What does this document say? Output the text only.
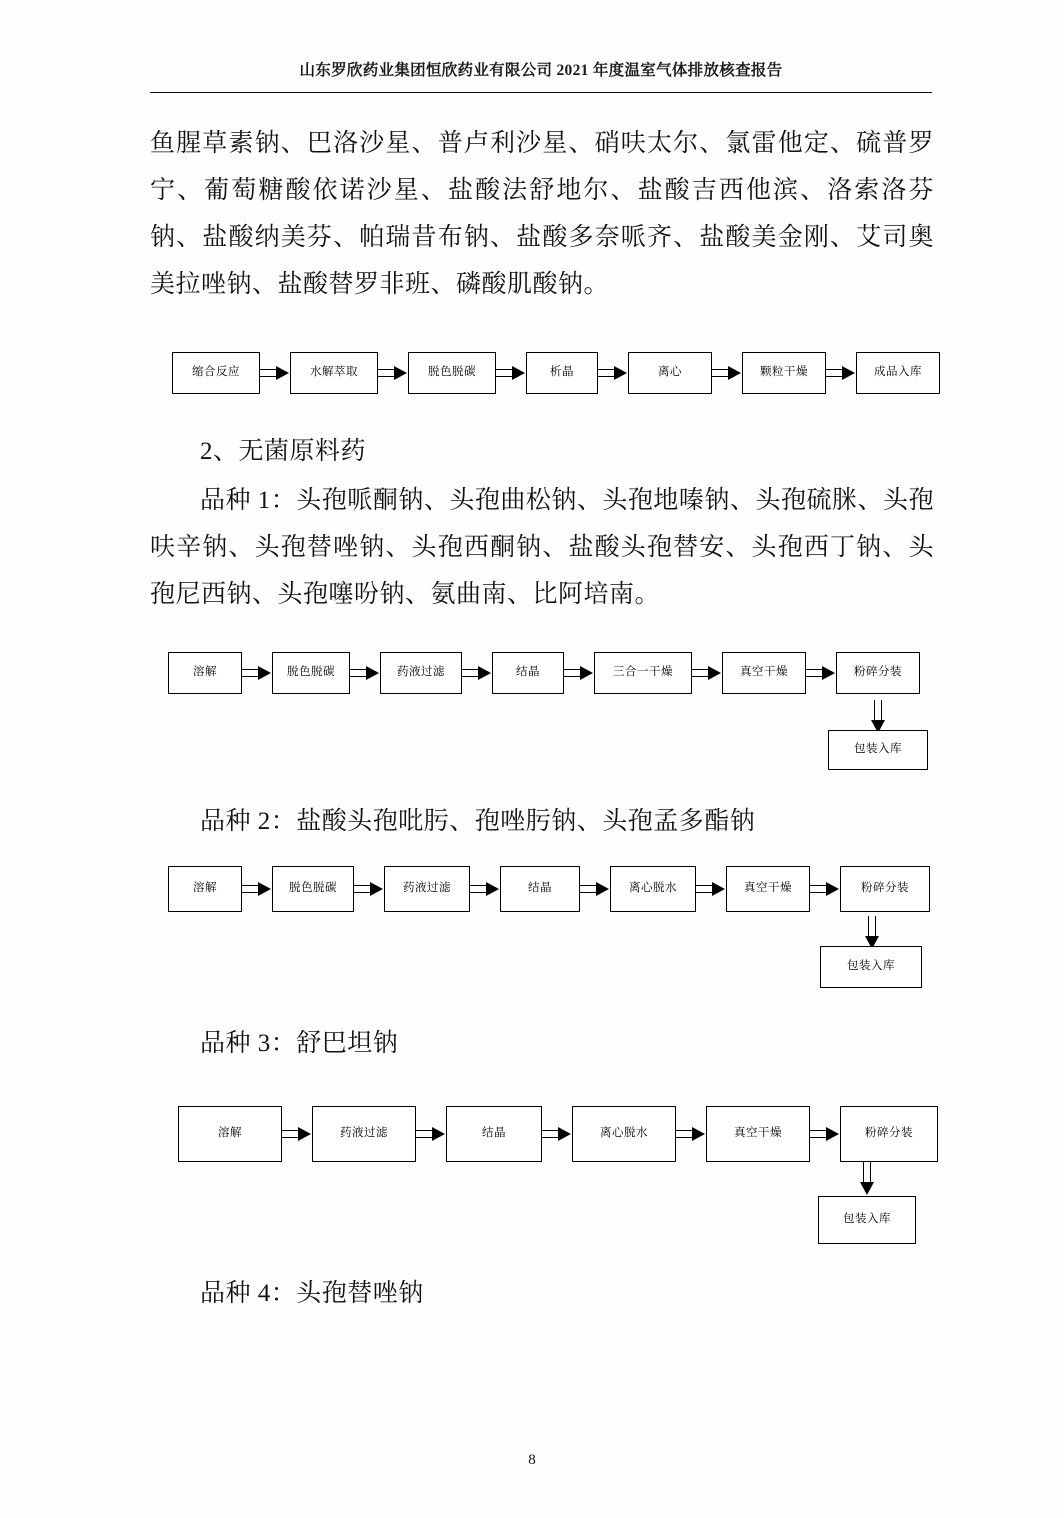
山东罗欣药业集团恒欣药业有限公司 2021 年度温室气体排放核查报告
鱼腥草素钠、巴洛沙星、普卢利沙星、硝呋太尔、氯雷他定、硫普罗宁、葡萄糖酸依诺沙星、盐酸法舒地尔、盐酸吉西他滨、洛索洛芬钠、盐酸纳美芬、帕瑞昔布钠、盐酸多奈哌齐、盐酸美金刚、艾司奥美拉唑钠、盐酸替罗非班、磷酸肌酸钠。
缩合反应	水解萃取	脱色脱碳	析晶	离心	颗粒干燥	成品入库
2、无菌原料药
品种 1：头孢哌酮钠、头孢曲松钠、头孢地嗪钠、头孢硫脒、头孢呋辛钠、头孢替唑钠、头孢西酮钠、盐酸头孢替安、头孢西丁钠、头孢尼西钠、头孢噻吩钠、氨曲南、比阿培南。
溶解	脱色脱碳	药液过滤	结晶	三合一干燥	真空干燥	粉碎分装
包装入库
品种 2：盐酸头孢吡肟、孢唑肟钠、头孢孟多酯钠
溶解	脱色脱碳	药液过滤	结晶	离心脱水	真空干燥	粉碎分装
包装入库
品种 3：舒巴坦钠
溶解	药液过滤	结晶	离心脱水	真空干燥	粉碎分装
包装入库
品种 4：头孢替唑钠
8
